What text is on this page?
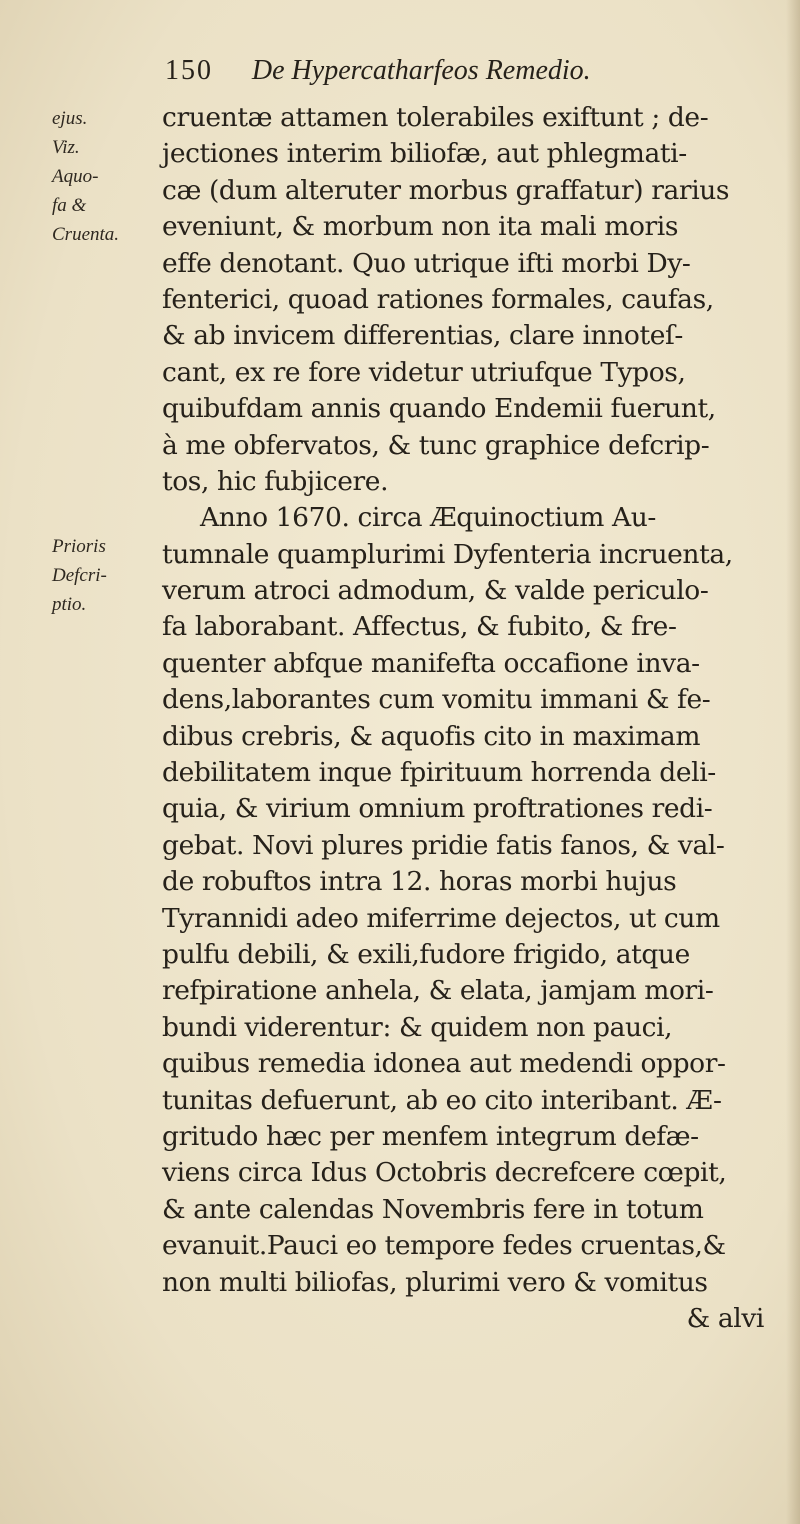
150 De Hypercatharfeos Remedio.
ejus.
Viz.
Aquo-
fa &
Cruenta.
Prioris
Defcri-
ptio.
cruentæ attamen tolerabiles exiftunt ; de-
jectiones interim biliofæ, aut phlegmati-
cæ (dum alteruter morbus graffatur) rarius
eveniunt, & morbum non ita mali moris
effe denotant. Quo utrique ifti morbi Dy-
fenterici, quoad rationes formales, caufas,
& ab invicem differentias, clare innoteſ-
cant, ex re fore videtur utriufque Typos,
quibufdam annis quando Endemii fuerunt,
à me obfervatos, & tunc graphice defcrip-
tos, hic fubjicere.
Anno 1670. circa Æquinoctium Au-
tumnale quamplurimi Dyfenteria incruenta,
verum atroci admodum, & valde periculo-
fa laborabant. Affectus, & fubito, & fre-
quenter abfque manifefta occafione inva-
dens,laborantes cum vomitu immani & fe-
dibus crebris, & aquofis cito in maximam
debilitatem inque fpirituum horrenda deli-
quia, & virium omnium proftrationes redi-
gebat. Novi plures pridie fatis fanos, & val-
de robuftos intra 12. horas morbi hujus
Tyrannidi adeo miferrime dejectos, ut cum
pulfu debili, & exili,fudore frigido, atque
refpiratione anhela, & elata, jamjam mori-
bundi viderentur: & quidem non pauci,
quibus remedia idonea aut medendi oppor-
tunitas defuerunt, ab eo cito interibant. Æ-
gritudo hæc per menfem integrum defæ-
viens circa Idus Octobris decrefcere cœpit,
& ante calendas Novembris fere in totum
evanuit.Pauci eo tempore fedes cruentas,&
non multi biliofas, plurimi vero & vomitus
& alvi
